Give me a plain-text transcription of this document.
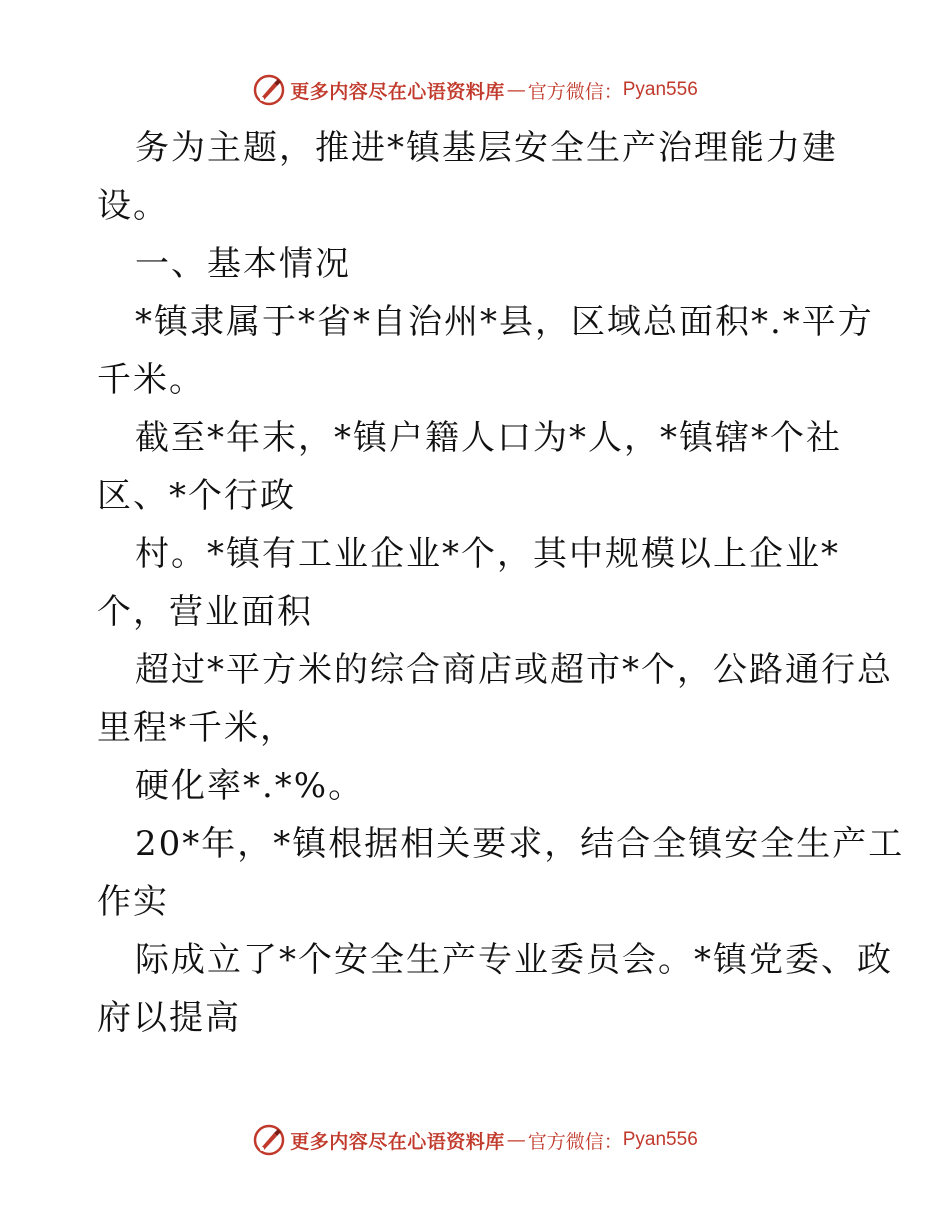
更多内容尽在心语资料库 — 官方微信： Pyan556
务为主题，推进*镇基层安全生产治理能力建
设。
一、基本情况
*镇隶属于*省*自治州*县，区域总面积*.*平方
千米。
截至*年末，*镇户籍人口为*人，*镇辖*个社
区、*个行政
村。*镇有工业企业*个，其中规模以上企业*
个，营业面积
超过*平方米的综合商店或超市*个，公路通行总
里程*千米，
硬化率*.*%。
20*年，*镇根据相关要求，结合全镇安全生产工
作实
际成立了*个安全生产专业委员会。*镇党委、政
府以提高
更多内容尽在心语资料库 — 官方微信： Pyan556
